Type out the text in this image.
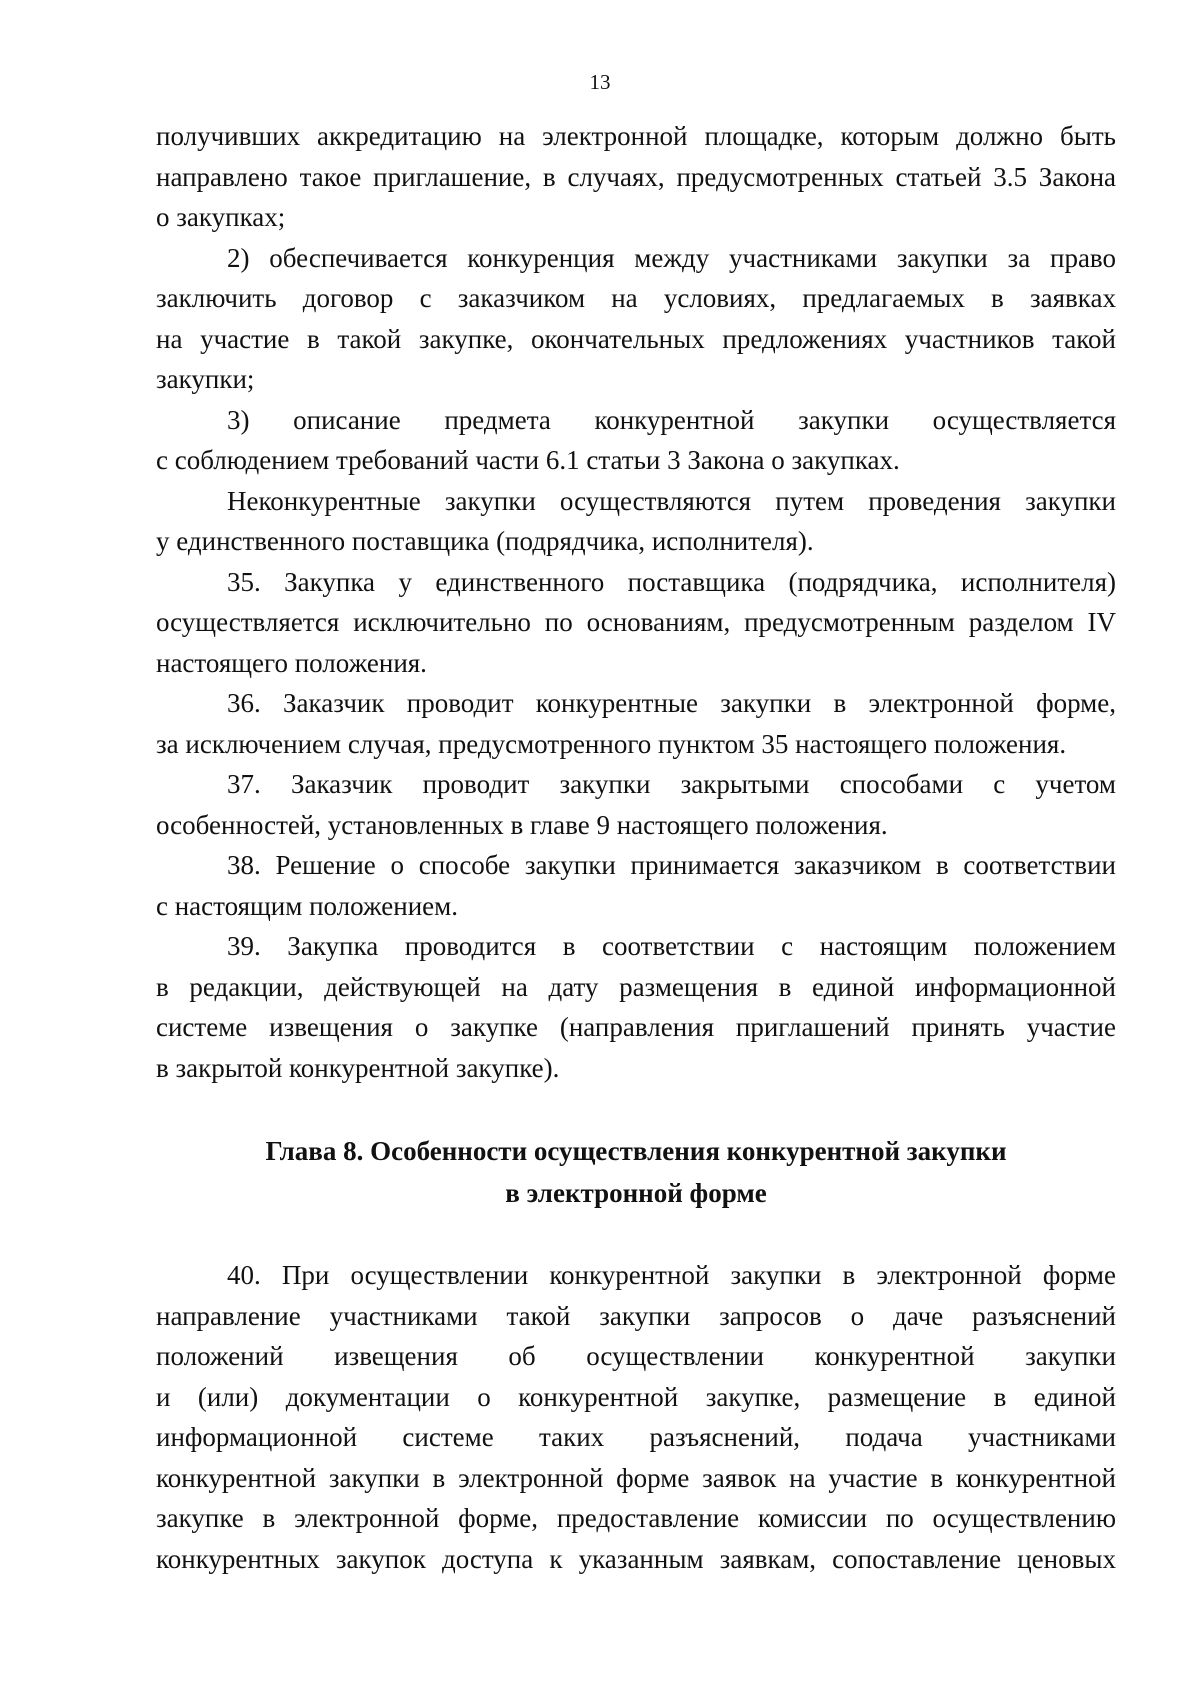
13
получивших аккредитацию на электронной площадке, которым должно быть
направлено такое приглашение, в случаях, предусмотренных статьей 3.5 Закона
о закупках;
2) обеспечивается конкуренция между участниками закупки за право
заключить договор с заказчиком на условиях, предлагаемых в заявках
на участие в такой закупке, окончательных предложениях участников такой
закупки;
3) описание предмета конкурентной закупки осуществляется
с соблюдением требований части 6.1 статьи 3 Закона о закупках.
Неконкурентные закупки осуществляются путем проведения закупки
у единственного поставщика (подрядчика, исполнителя).
35. Закупка у единственного поставщика (подрядчика, исполнителя)
осуществляется исключительно по основаниям, предусмотренным разделом IV
настоящего положения.
36. Заказчик проводит конкурентные закупки в электронной форме,
за исключением случая, предусмотренного пунктом 35 настоящего положения.
37. Заказчик проводит закупки закрытыми способами с учетом
особенностей, установленных в главе 9 настоящего положения.
38. Решение о способе закупки принимается заказчиком в соответствии
с настоящим положением.
39. Закупка проводится в соответствии с настоящим положением
в редакции, действующей на дату размещения в единой информационной
системе извещения о закупке (направления приглашений принять участие
в закрытой конкурентной закупке).
Глава 8. Особенности осуществления конкурентной закупки
в электронной форме
40. При осуществлении конкурентной закупки в электронной форме
направление участниками такой закупки запросов о даче разъяснений
положений извещения об осуществлении конкурентной закупки
и (или) документации о конкурентной закупке, размещение в единой
информационной системе таких разъяснений, подача участниками
конкурентной закупки в электронной форме заявок на участие в конкурентной
закупке в электронной форме, предоставление комиссии по осуществлению
конкурентных закупок доступа к указанным заявкам, сопоставление ценовых
